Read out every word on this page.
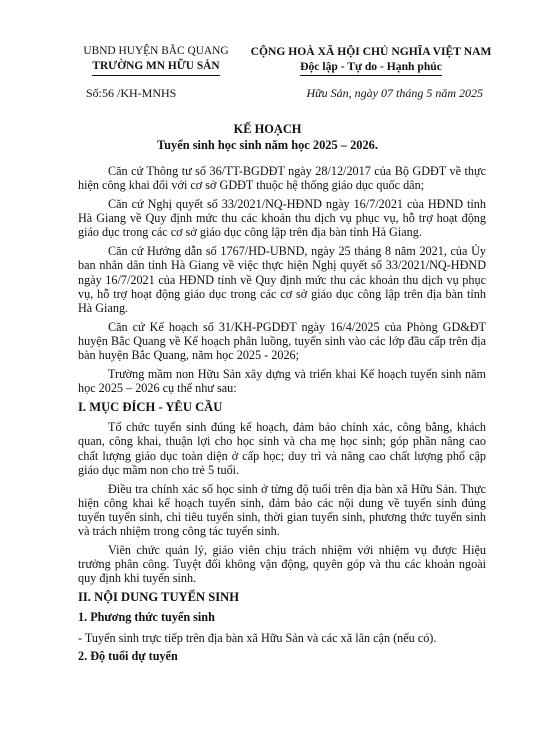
UBND HUYỆN BẮC QUANG
TRƯỜNG MN HỮU SẢN
CỘNG HOÀ XÃ HỘI CHỦ NGHĨA VIỆT NAM
Độc lập - Tự do - Hạnh phúc
Số:56 /KH-MNHS	Hữu Sản, ngày 07 tháng 5 năm 2025
KẾ HOẠCH
Tuyển sinh học sinh năm học 2025 – 2026.

Căn cứ Thông tư số 36/TT-BGDĐT ngày 28/12/2017 của Bộ GDĐT về thực hiện công khai đối với cơ sở GDĐT thuộc hệ thống giáo dục quốc dân;

Căn cứ Nghị quyết số 33/2021/NQ-HĐND ngày 16/7/2021 của HĐND tỉnh Hà Giang về Quy định mức thu các khoản thu dịch vụ phục vụ, hỗ trợ hoạt động giáo dục trong các cơ sở giáo dục công lập trên địa bàn tỉnh Hà Giang.

Căn cứ Hướng dẫn số 1767/HD-UBND, ngày 25 tháng 8 năm 2021, của Ủy ban nhân dân tỉnh Hà Giang về việc thực hiện Nghị quyết số 33/2021/NQ-HĐND ngày 16/7/2021 của HĐND tỉnh về Quy định mức thu các khoản thu dịch vụ phục vụ, hỗ trợ hoạt động giáo dục trong các cơ sở giáo dục công lập trên địa bàn tỉnh Hà Giang.

Căn cứ Kế hoạch số 31/KH-PGDĐT ngày 16/4/2025 của Phòng GD&ĐT huyện Bắc Quang về Kế hoạch phân luồng, tuyển sinh vào các lớp đầu cấp trên địa bàn huyện Bắc Quang, năm học 2025 - 2026;

Trường mầm non Hữu Sản xây dựng và triển khai Kế hoạch tuyển sinh năm học 2025 – 2026 cụ thể như sau:

I. MỤC ĐÍCH - YÊU CẦU

Tổ chức tuyển sinh đúng kế hoạch, đảm bảo chính xác, công bằng, khách quan, công khai, thuận lợi cho học sinh và cha mẹ học sinh; góp phần nâng cao chất lượng giáo dục toàn diện ở cấp học; duy trì và nâng cao chất lượng phổ cập giáo dục mầm non cho trẻ 5 tuổi.

Điều tra chính xác số học sinh ở từng độ tuổi trên địa bàn xã Hữu Sản. Thực hiện công khai kế hoạch tuyển sinh, đảm bảo các nội dung về tuyển sinh đúng tuyển tuyển sinh, chỉ tiêu tuyển sinh, thời gian tuyển sinh, phương thức tuyển sinh và trách nhiệm trong công tác tuyển sinh.

Viên chức quản lý, giáo viên chịu trách nhiệm với nhiệm vụ được Hiệu trưởng phân công. Tuyệt đối không vận động, quyên góp và thu các khoản ngoài quy định khi tuyển sinh.

II. NỘI DUNG TUYỂN SINH
1. Phương thức tuyển sinh

- Tuyển sinh trực tiếp trên địa bàn xã Hữu Sản và các xã lân cận (nếu có).

2. Độ tuổi dự tuyển
